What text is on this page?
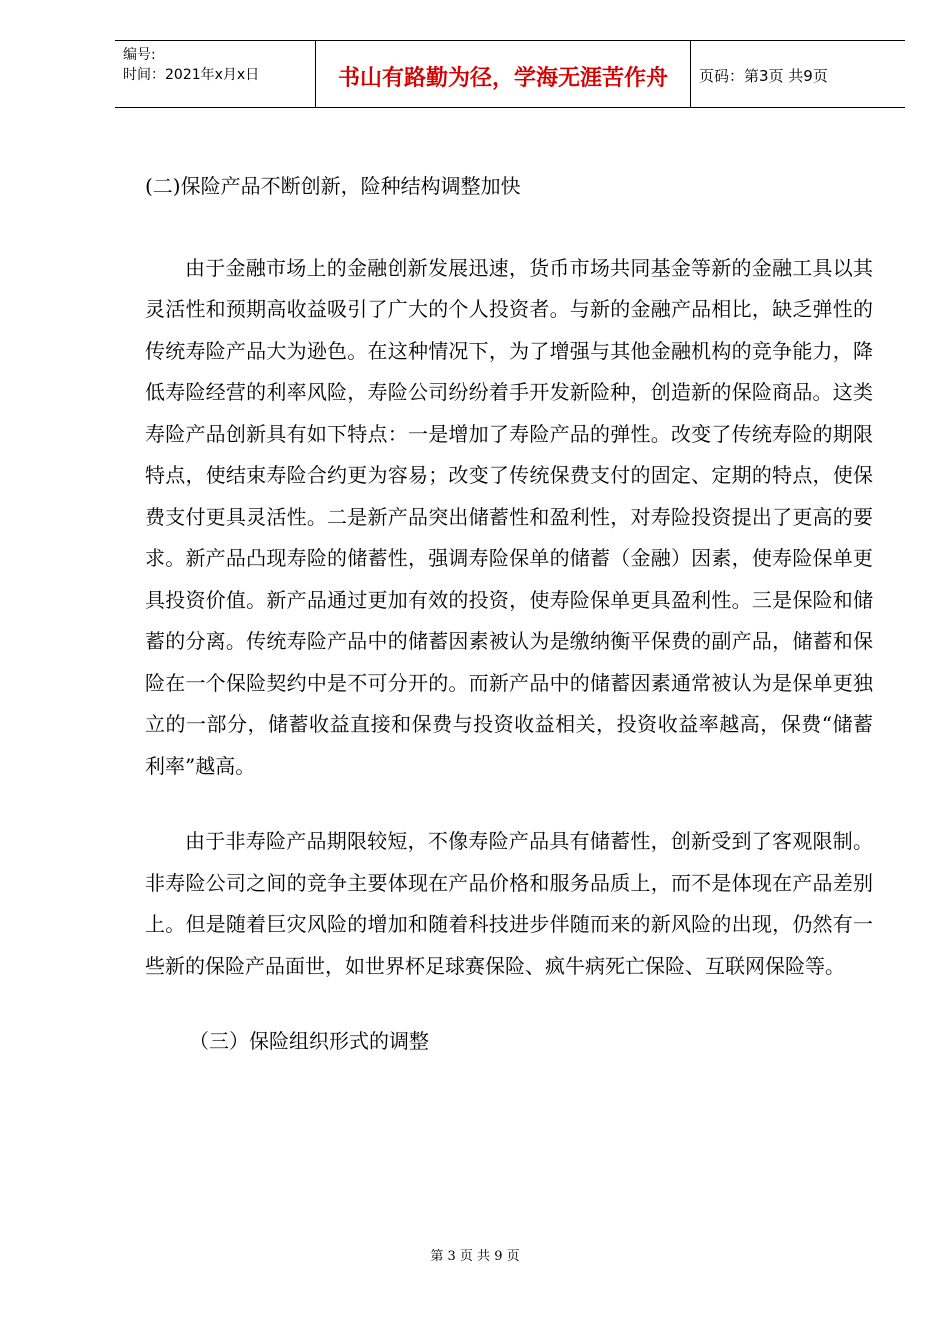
编号:
时间：2021年x月x日	书山有路勤为径，学海无涯苦作舟	页码：第3页 共9页

(二)保险产品不断创新，险种结构调整加快

由于金融市场上的金融创新发展迅速，货币市场共同基金等新的金融工具以其灵活性和预期高收益吸引了广大的个人投资者。与新的金融产品相比，缺乏弹性的传统寿险产品大为逊色。在这种情况下，为了增强与其他金融机构的竞争能力，降低寿险经营的利率风险，寿险公司纷纷着手开发新险种，创造新的保险商品。这类寿险产品创新具有如下特点：一是增加了寿险产品的弹性。改变了传统寿险的期限特点，使结束寿险合约更为容易；改变了传统保费支付的固定、定期的特点，使保费支付更具灵活性。二是新产品突出储蓄性和盈利性，对寿险投资提出了更高的要求。新产品凸现寿险的储蓄性，强调寿险保单的储蓄（金融）因素，使寿险保单更具投资价值。新产品通过更加有效的投资，使寿险保单更具盈利性。三是保险和储蓄的分离。传统寿险产品中的储蓄因素被认为是缴纳衡平保费的副产品，储蓄和保险在一个保险契约中是不可分开的。而新产品中的储蓄因素通常被认为是保单更独立的一部分，储蓄收益直接和保费与投资收益相关，投资收益率越高，保费“储蓄利率”越高。

由于非寿险产品期限较短，不像寿险产品具有储蓄性，创新受到了客观限制。非寿险公司之间的竞争主要体现在产品价格和服务品质上，而不是体现在产品差别上。但是随着巨灾风险的增加和随着科技进步伴随而来的新风险的出现，仍然有一些新的保险产品面世，如世界杯足球赛保险、疯牛病死亡保险、互联网保险等。

（三）保险组织形式的调整

第 3 页 共 9 页
